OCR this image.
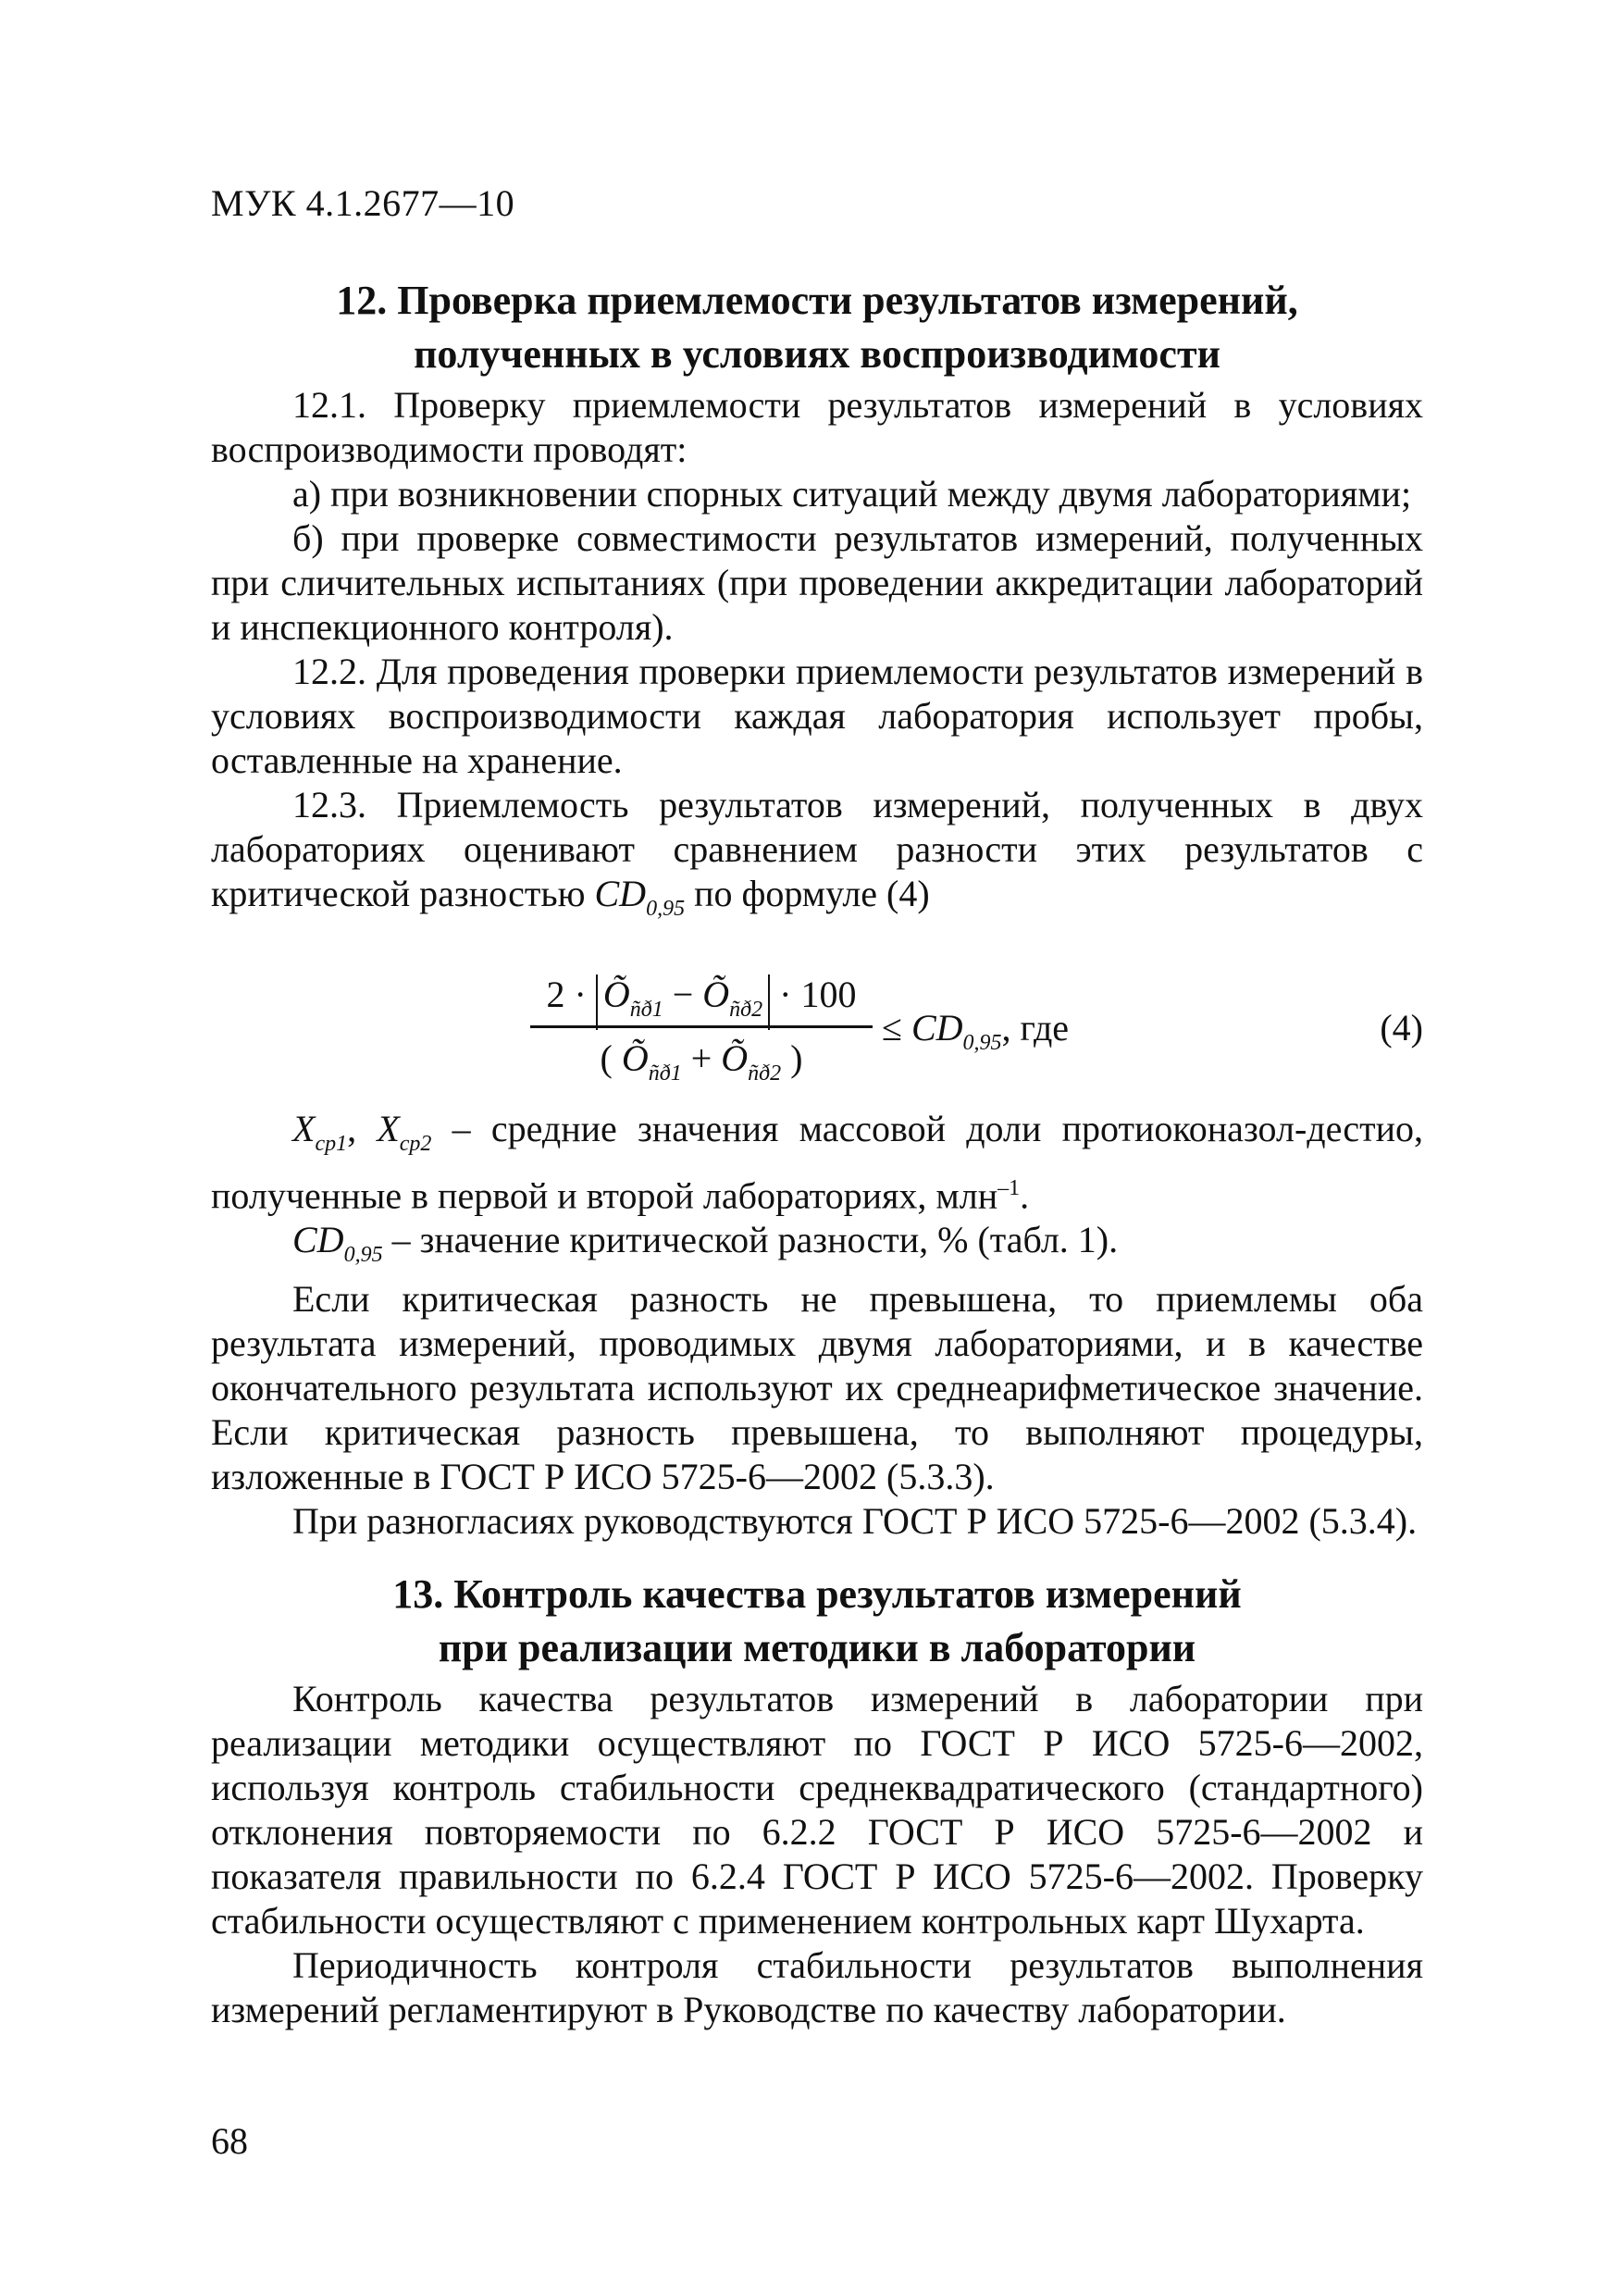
МУК 4.1.2677—10
12. Проверка приемлемости результатов измерений,
полученных в условиях воспроизводимости

12.1. Проверку приемлемости результатов измерений в условиях воспроизводимости проводят:

а) при возникновении спорных ситуаций между двумя лабораториями;

б) при проверке совместимости результатов измерений, полученных при сличительных испытаниях (при проведении аккредитации лабораторий и инспекционного контроля).

12.2. Для проведения проверки приемлемости результатов измерений в условиях воспроизводимости каждая лаборатория использует пробы, оставленные на хранение.

12.3. Приемлемость результатов измерений, полученных в двух лабораториях оценивают сравнением разности этих результатов с критической разностью $CD_{0,95}$ по формуле (4)

$2 \cdot Õ_{ñð1}$ − $Õ_{ñð2} \cdot 100$
( $Õ_{ñð1}$ + $Õ_{ñð2}$ )
≤ $CD_{0,95}$, где	(4)

$X_{cp1}$, $X_{cp2}$ – средние значения массовой доли протиоконазол-дестио, полученные в первой и второй лабораториях, млн$^{-1}$.

$CD_{0,95}$ – значение критической разности, % (табл. 1).

Если критическая разность не превышена, то приемлемы оба результата измерений, проводимых двумя лабораториями, и в качестве окончательного результата используют их среднеарифметическое значение. Если критическая разность превышена, то выполняют процедуры, изложенные в ГОСТ Р ИСО 5725-6—2002 (5.3.3).

При разногласиях руководствуются ГОСТ Р ИСО 5725-6—2002 (5.3.4).

13. Контроль качества результатов измерений
при реализации методики в лаборатории

Контроль качества результатов измерений в лаборатории при реализации методики осуществляют по ГОСТ Р ИСО 5725-6—2002, используя контроль стабильности среднеквадратического (стандартного) отклонения повторяемости по 6.2.2 ГОСТ Р ИСО 5725-6—2002 и показателя правильности по 6.2.4 ГОСТ Р ИСО 5725-6—2002. Проверку стабильности осуществляют с применением контрольных карт Шухарта.

Периодичность контроля стабильности результатов выполнения измерений регламентируют в Руководстве по качеству лаборатории.

68
